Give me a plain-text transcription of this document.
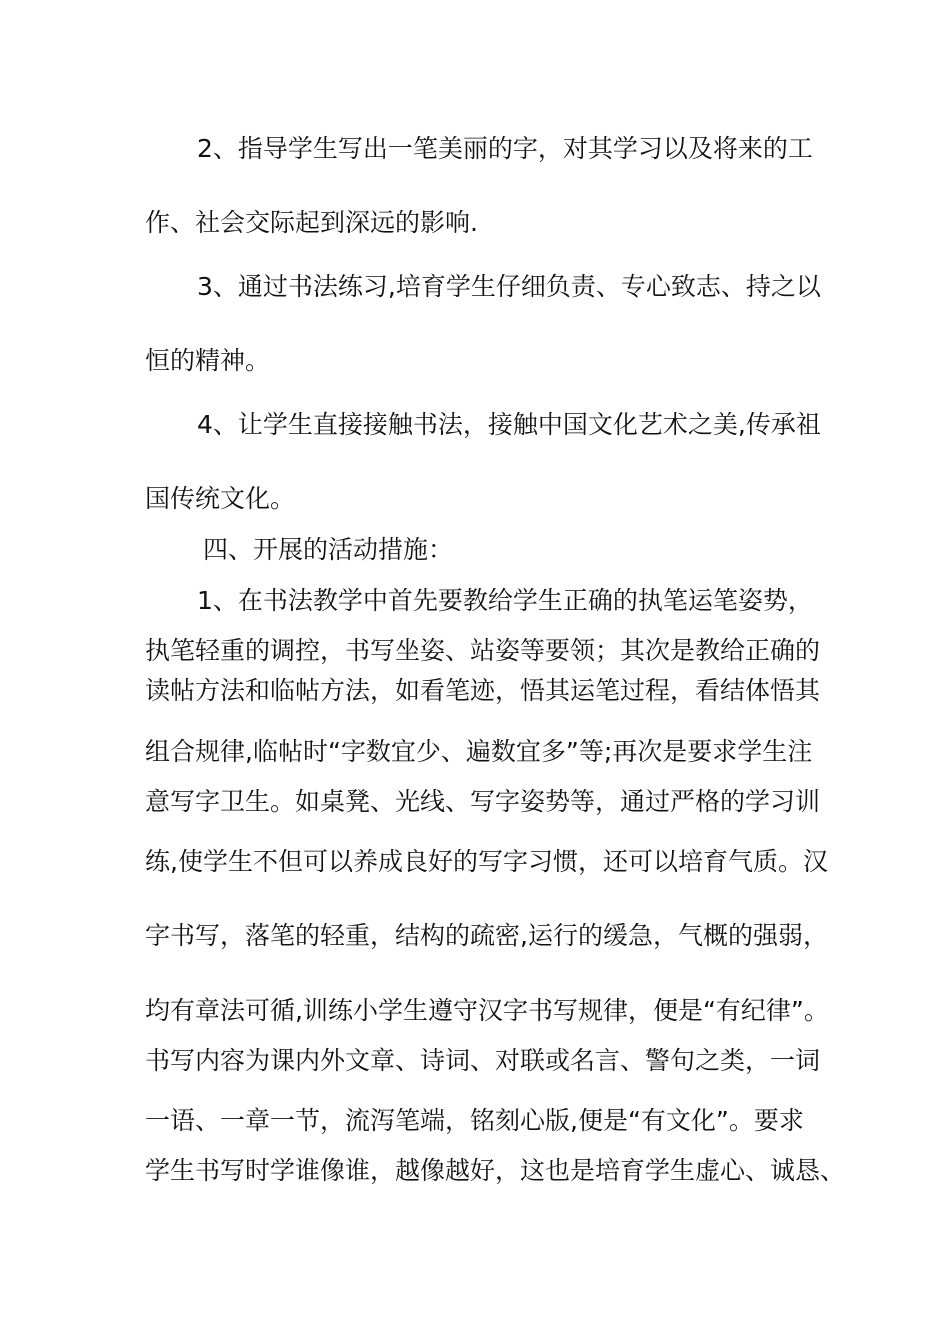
2、指导学生写出一笔美丽的字，对其学习以及将来的工

作、社会交际起到深远的影响.

3、通过书法练习,培育学生仔细负责、专心致志、持之以

恒的精神。

4、让学生直接接触书法，接触中国文化艺术之美,传承祖

国传统文化。

四、开展的活动措施：

1、在书法教学中首先要教给学生正确的执笔运笔姿势，

执笔轻重的调控，书写坐姿、站姿等要领；其次是教给正确的

读帖方法和临帖方法，如看笔迹，悟其运笔过程，看结体悟其

组合规律,临帖时“字数宜少、遍数宜多”等;再次是要求学生注

意写字卫生。如桌凳、光线、写字姿势等，通过严格的学习训

练,使学生不但可以养成良好的写字习惯，还可以培育气质。汉

字书写，落笔的轻重，结构的疏密,运行的缓急，气概的强弱，

均有章法可循,训练小学生遵守汉字书写规律，便是“有纪律”。

书写内容为课内外文章、诗词、对联或名言、警句之类，一词

一语、一章一节，流泻笔端，铭刻心版,便是“有文化”。要求

学生书写时学谁像谁，越像越好，这也是培育学生虚心、诚恳、
